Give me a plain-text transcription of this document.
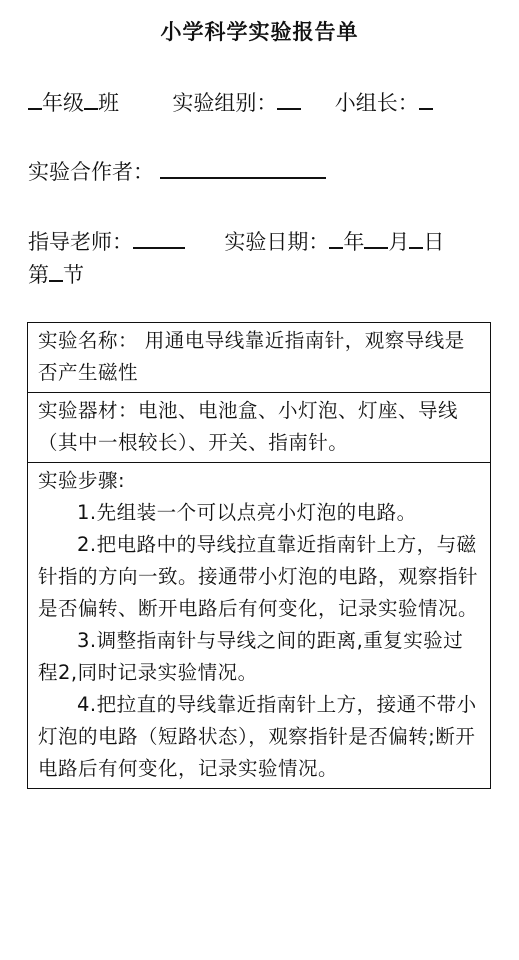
小学科学实验报告单
年级 班	实验组别：	小组长：
实验合作者：
指导老师：	实验日期： 年 月 日
第 节
实验名称： 用通电导线靠近指南针，观察导线是否产生磁性
实验器材：电池、电池盒、小灯泡、灯座、导线（其中一根较长）、开关、指南针。

实验步骤:

1.先组装一个可以点亮小灯泡的电路。

2.把电路中的导线拉直靠近指南针上方，与磁针指的方向一致。接通带小灯泡的电路，观察指针是否偏转、断开电路后有何变化，记录实验情况。

3.调整指南针与导线之间的距离,重复实验过程2,同时记录实验情况。

4.把拉直的导线靠近指南针上方，接通不带小灯泡的电路（短路状态），观察指针是否偏转;断开电路后有何变化，记录实验情况。
